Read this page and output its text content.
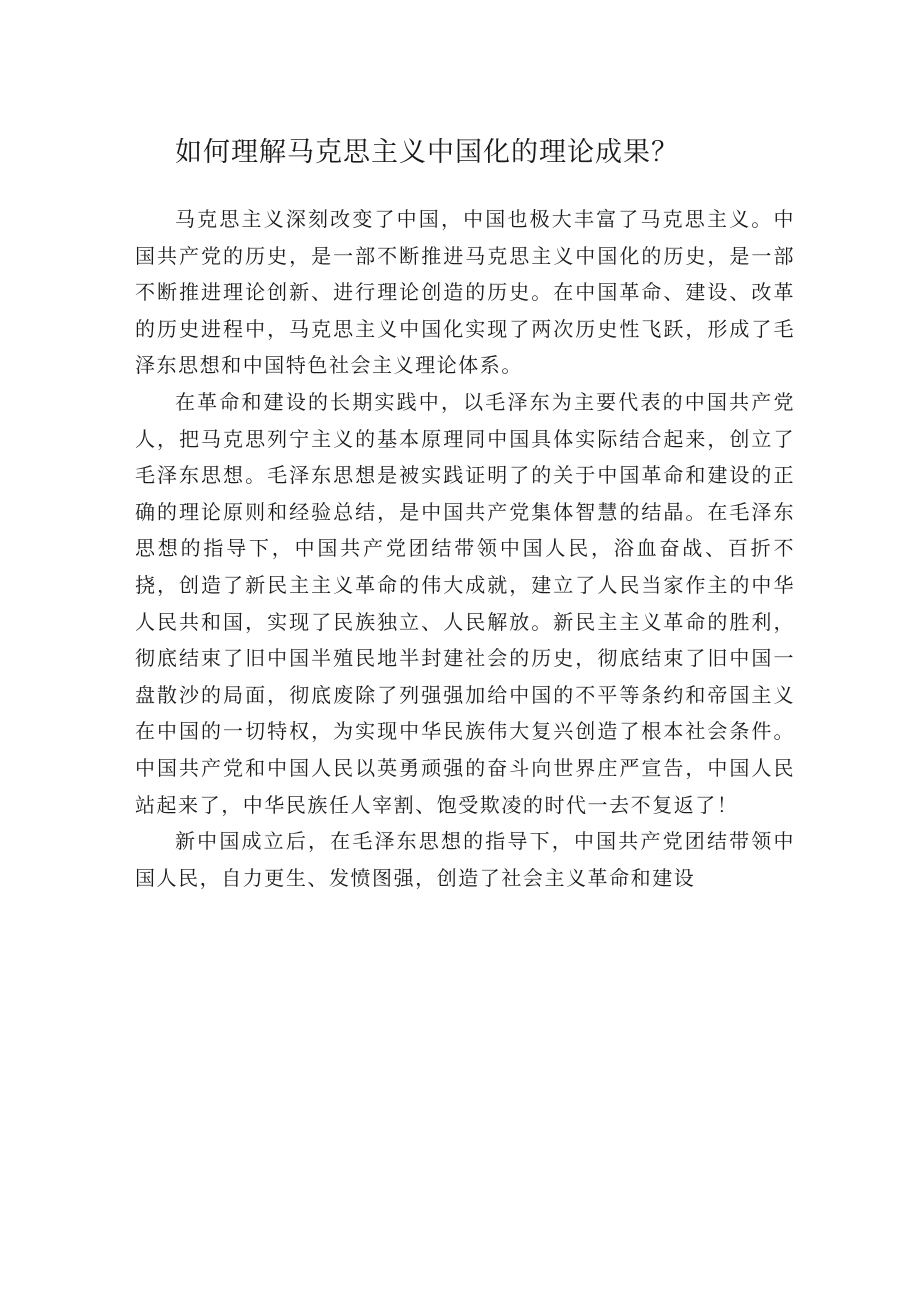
如何理解马克思主义中国化的理论成果？

马克思主义深刻改变了中国，中国也极大丰富了马克思主义。中国共产党的历史，是一部不断推进马克思主义中国化的历史，是一部不断推进理论创新、进行理论创造的历史。在中国革命、建设、改革的历史进程中，马克思主义中国化实现了两次历史性飞跃，形成了毛泽东思想和中国特色社会主义理论体系。

在革命和建设的长期实践中，以毛泽东为主要代表的中国共产党人，把马克思列宁主义的基本原理同中国具体实际结合起来，创立了毛泽东思想。毛泽东思想是被实践证明了的关于中国革命和建设的正确的理论原则和经验总结，是中国共产党集体智慧的结晶。在毛泽东思想的指导下，中国共产党团结带领中国人民，浴血奋战、百折不挠，创造了新民主主义革命的伟大成就，建立了人民当家作主的中华人民共和国，实现了民族独立、人民解放。新民主主义革命的胜利，彻底结束了旧中国半殖民地半封建社会的历史，彻底结束了旧中国一盘散沙的局面，彻底废除了列强强加给中国的不平等条约和帝国主义在中国的一切特权，为实现中华民族伟大复兴创造了根本社会条件。中国共产党和中国人民以英勇顽强的奋斗向世界庄严宣告，中国人民站起来了，中华民族任人宰割、饱受欺凌的时代一去不复返了！

新中国成立后，在毛泽东思想的指导下，中国共产党团结带领中国人民，自力更生、发愤图强，创造了社会主义革命和建设
